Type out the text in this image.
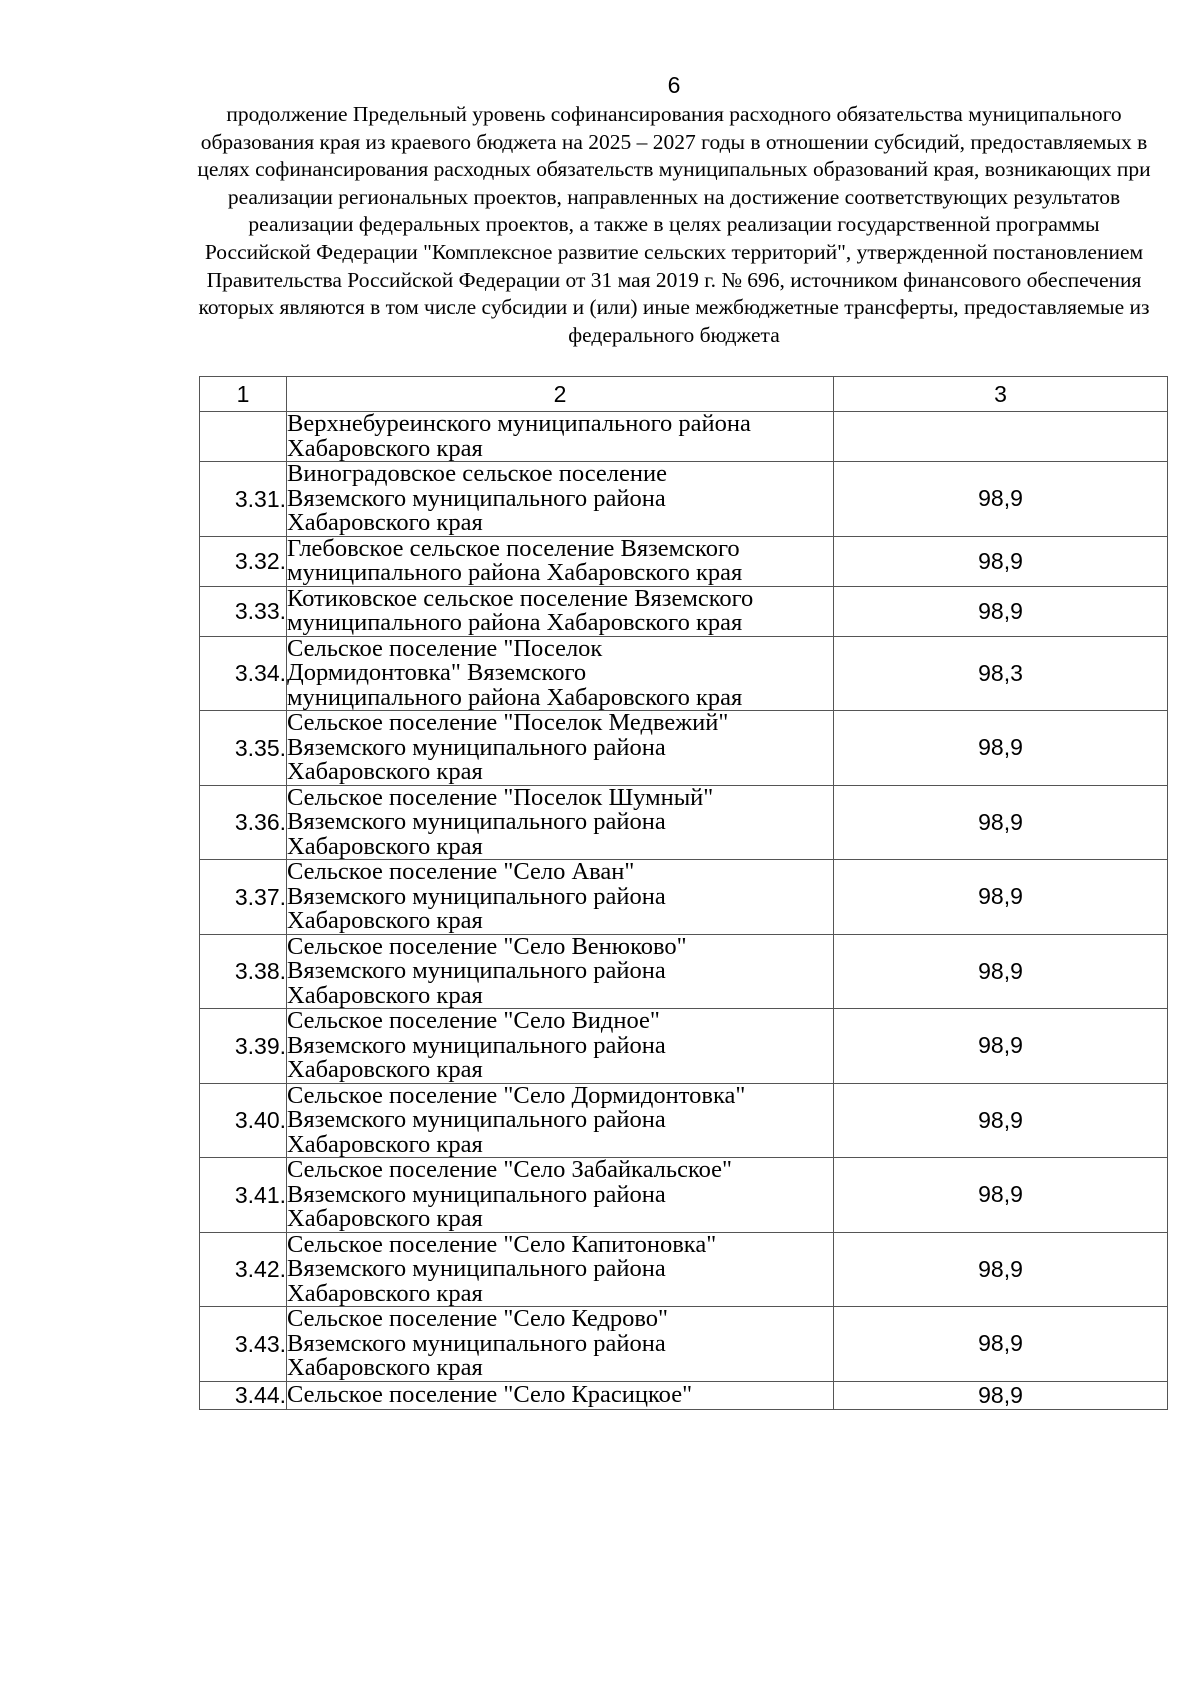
6

продолжение Предельный уровень софинансирования расходного обязательства муниципального образования края из краевого бюджета на 2025 – 2027 годы в отношении субсидий, предоставляемых в целях софинансирования расходных обязательств муниципальных образований края, возникающих при реализации региональных проектов, направленных на достижение соответствующих результатов реализации федеральных проектов, а также в целях реализации государственной программы Российской Федерации "Комплексное развитие сельских территорий", утвержденной постановлением Правительства Российской Федерации от 31 мая 2019 г. № 696, источником финансового обеспечения которых являются в том числе субсидии и (или) иные межбюджетные трансферты, предоставляемые из федерального бюджета

1	2	3

	Верхнебуреинского муниципального района
Хабаровского края	

3.31.	Виноградовское сельское поселение
Вяземского муниципального района
Хабаровского края	98,9
3.32.	Глебовское сельское поселение Вяземского
муниципального района Хабаровского края	98,9
3.33.	Котиковское сельское поселение Вяземского
муниципального района Хабаровского края	98,9
3.34.	Сельское поселение "Поселок
Дормидонтовка" Вяземского
муниципального района Хабаровского края	98,3
3.35.	Сельское поселение "Поселок Медвежий"
Вяземского муниципального района
Хабаровского края	98,9
3.36.	Сельское поселение "Поселок Шумный"
Вяземского муниципального района
Хабаровского края	98,9
3.37.	Сельское поселение "Село Аван"
Вяземского муниципального района
Хабаровского края	98,9
3.38.	Сельское поселение "Село Венюково"
Вяземского муниципального района
Хабаровского края	98,9
3.39.	Сельское поселение "Село Видное"
Вяземского муниципального района
Хабаровского края	98,9
3.40.	Сельское поселение "Село Дормидонтовка"
Вяземского муниципального района
Хабаровского края	98,9
3.41.	Сельское поселение "Село Забайкальское"
Вяземского муниципального района
Хабаровского края	98,9
3.42.	Сельское поселение "Село Капитоновка"
Вяземского муниципального района
Хабаровского края	98,9
3.43.	Сельское поселение "Село Кедрово"
Вяземского муниципального района
Хабаровского края	98,9
3.44.	Сельское поселение "Село Красицкое"	98,9
